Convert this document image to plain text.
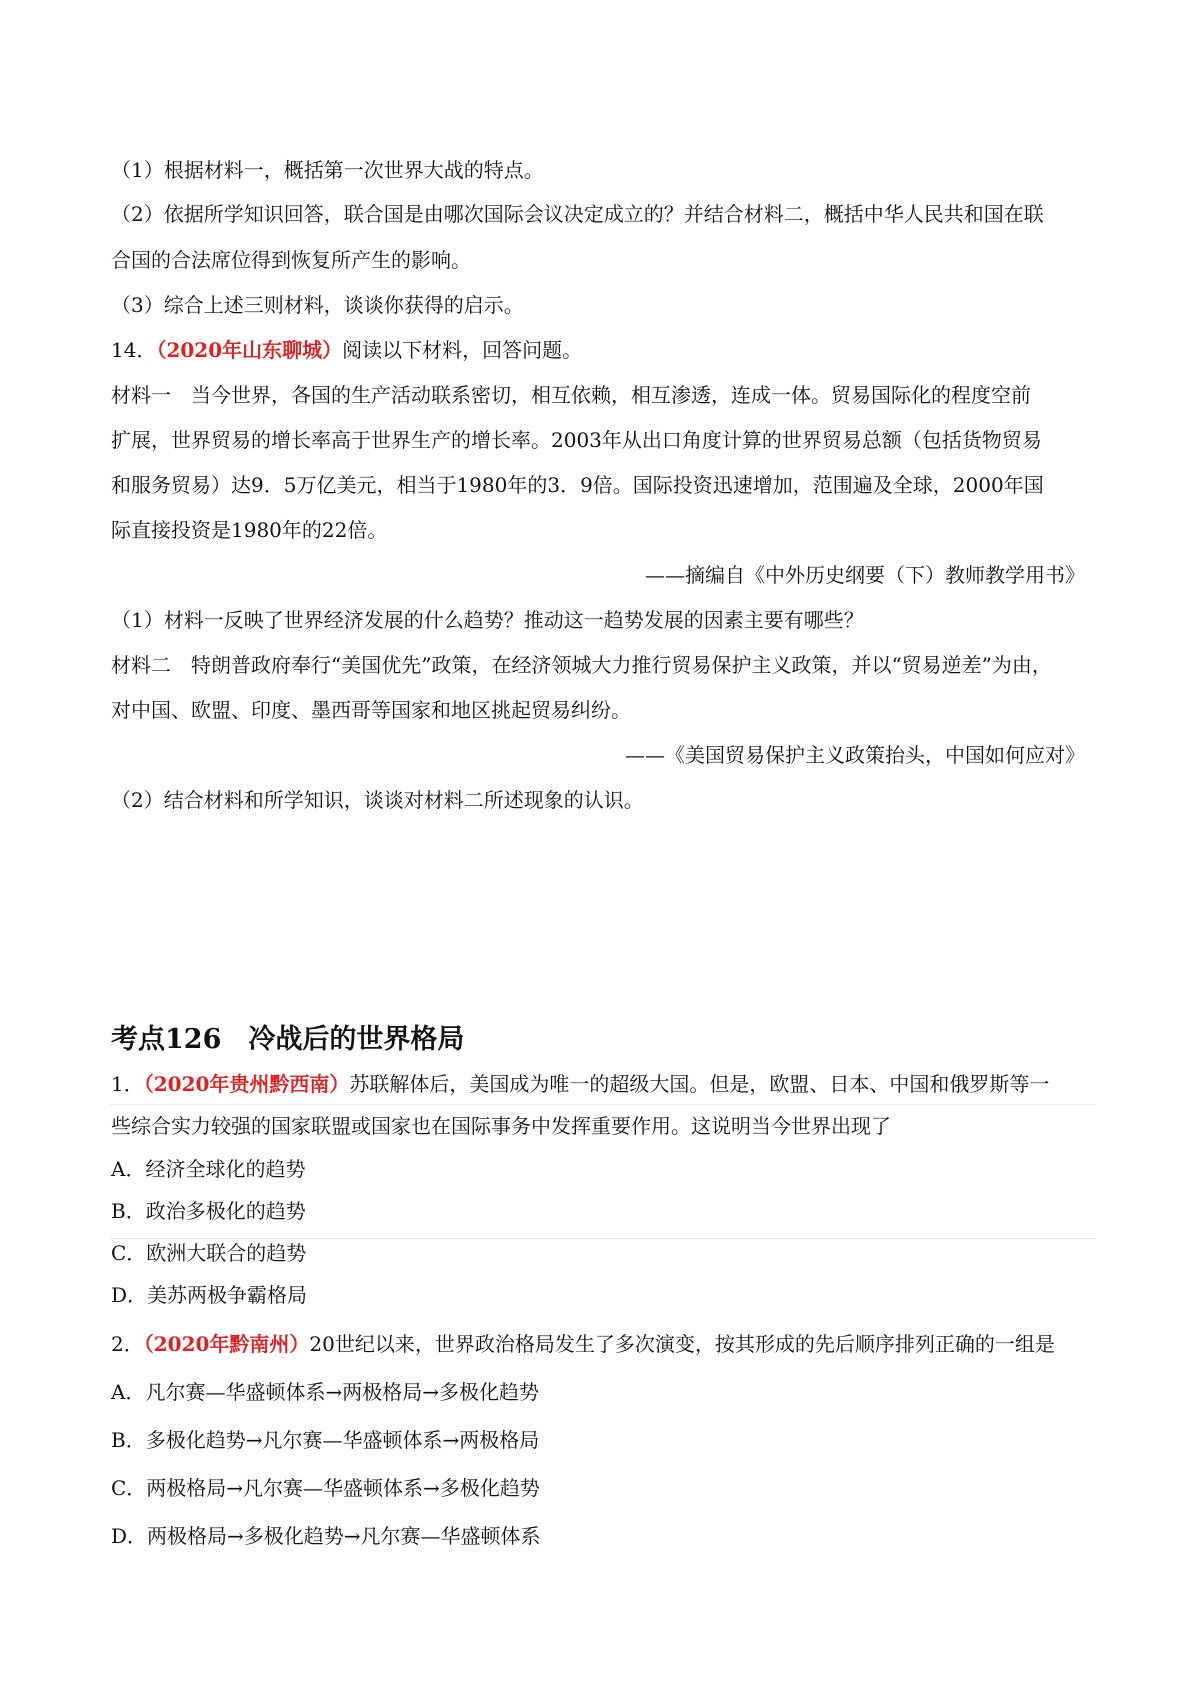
（1）根据材料一，概括第一次世界大战的特点。
（2）依据所学知识回答，联合国是由哪次国际会议决定成立的？并结合材料二，概括中华人民共和国在联
合国的合法席位得到恢复所产生的影响。
（3）综合上述三则材料，谈谈你获得的启示。
14．（2020年山东聊城）阅读以下材料，回答问题。
材料一　当今世界，各国的生产活动联系密切，相互依赖，相互渗透，连成一体。贸易国际化的程度空前
扩展，世界贸易的增长率高于世界生产的增长率。2003年从出口角度计算的世界贸易总额（包括货物贸易
和服务贸易）达9．5万亿美元，相当于1980年的3．9倍。国际投资迅速增加，范围遍及全球，2000年国
际直接投资是1980年的22倍。
——摘编自《中外历史纲要（下）教师教学用书》
（1）材料一反映了世界经济发展的什么趋势？推动这一趋势发展的因素主要有哪些？
材料二　特朗普政府奉行“美国优先”政策，在经济领城大力推行贸易保护主义政策，并以“贸易逆差”为由，
对中国、欧盟、印度、墨西哥等国家和地区挑起贸易纠纷。
——《美国贸易保护主义政策抬头，中国如何应对》
（2）结合材料和所学知识，谈谈对材料二所述现象的认识。
考点126　冷战后的世界格局
1．（2020年贵州黔西南）苏联解体后，美国成为唯一的超级大国。但是，欧盟、日本、中国和俄罗斯等一
些综合实力较强的国家联盟或国家也在国际事务中发挥重要作用。这说明当今世界出现了
A．经济全球化的趋势
B．政治多极化的趋势
C．欧洲大联合的趋势
D．美苏两极争霸格局
2．（2020年黔南州）20世纪以来，世界政治格局发生了多次演变，按其形成的先后顺序排列正确的一组是
A．凡尔赛—华盛顿体系→两极格局→多极化趋势
B．多极化趋势→凡尔赛—华盛顿体系→两极格局
C．两极格局→凡尔赛—华盛顿体系→多极化趋势
D．两极格局→多极化趋势→凡尔赛—华盛顿体系
